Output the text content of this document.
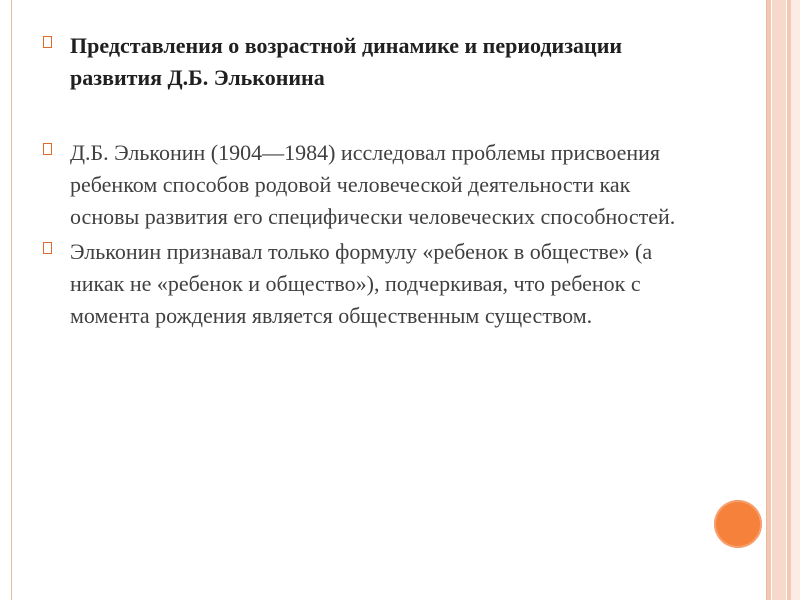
Представления о возрастной динамике и периодизации развития Д.Б. Эльконина
Д.Б. Эльконин (1904—1984) исследовал проблемы присвоения ребенком способов родовой человеческой деятельности как основы развития его специфически человеческих способностей.
Эльконин признавал только формулу «ребенок в обществе» (а никак не «ребенок и общество»), подчеркивая, что ребенок с момента рождения является общественным существом.
